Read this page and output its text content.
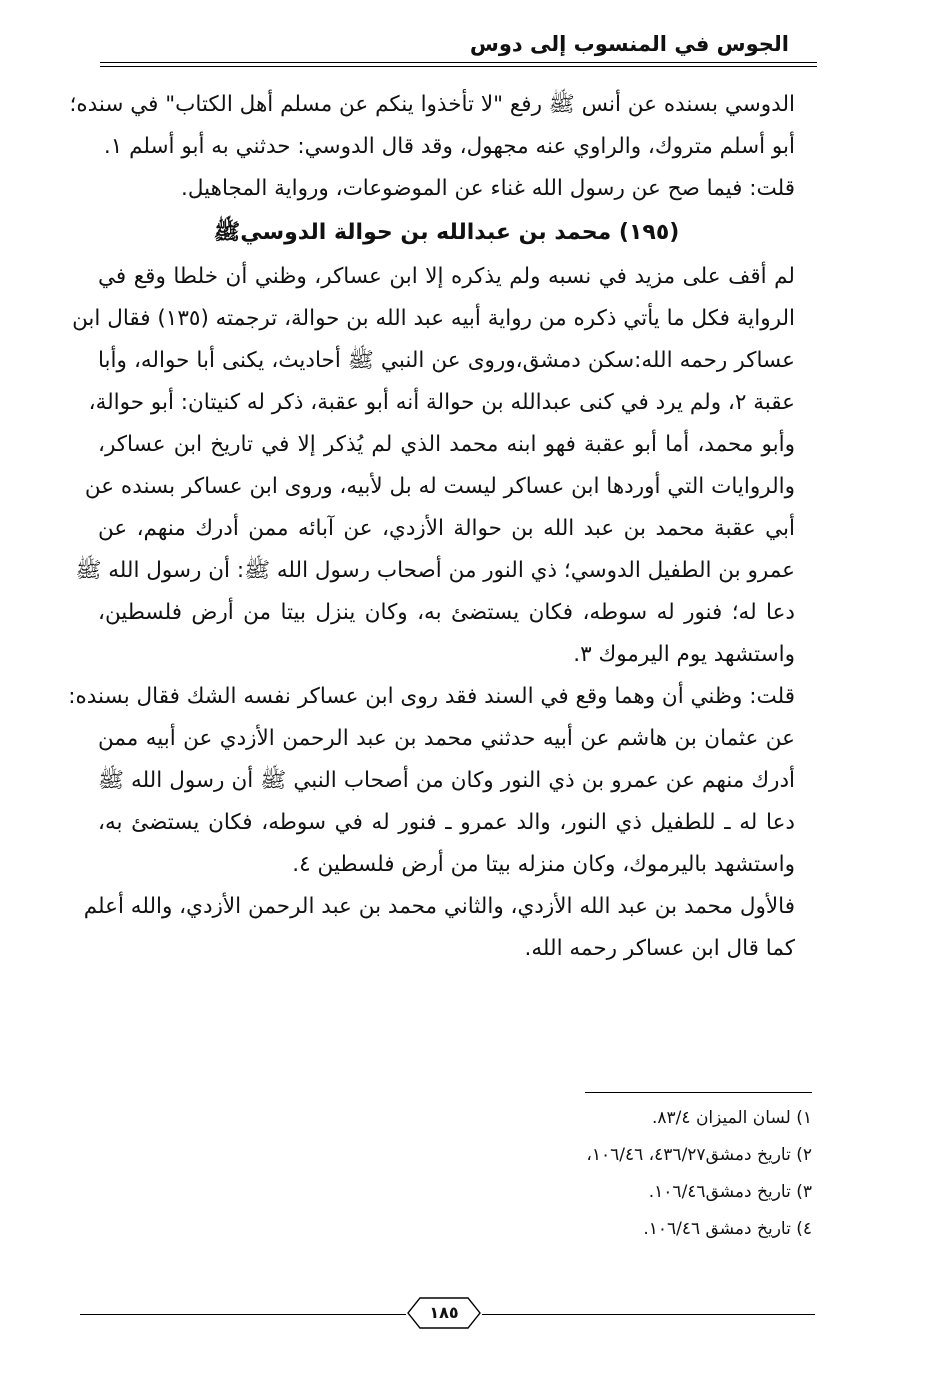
الجوس في المنسوب إلى دوس
الدوسي بسنده عن أنس ﷺ رفع "لا تأخذوا ينكم عن مسلم أهل الكتاب" في سنده؛
أبو أسلم متروك، والراوي عنه مجهول، وقد قال الدوسي: حدثني به أبو أسلم ١.
قلت: فيما صح عن رسول الله غناء عن الموضوعات، ورواية المجاهيل.
(١٩٥) محمد بن عبدالله بن حوالة الدوسيﷺ
لم أقف على مزيد في نسبه ولم يذكره إلا ابن عساكر، وظني أن خلطا وقع في
الرواية فكل ما يأتي ذكره من رواية أبيه عبد الله بن حوالة، ترجمته (١٣٥) فقال ابن
عساكر رحمه الله:سكن دمشق،وروى عن النبي ﷺ أحاديث، يكنى أبا حواله، وأبا
عقبة ٢، ولم يرد في كنى عبدالله بن حوالة أنه أبو عقبة، ذكر له كنيتان: أبو حوالة،
وأبو محمد، أما أبو عقبة فهو ابنه محمد الذي لم يُذكر إلا في تاريخ ابن عساكر،
والروايات التي أوردها ابن عساكر ليست له بل لأبيه، وروى ابن عساكر بسنده عن
أبي عقبة محمد بن عبد الله بن حوالة الأزدي، عن آبائه ممن أدرك منهم، عن
عمرو بن الطفيل الدوسي؛ ذي النور من أصحاب رسول الله ﷺ: أن رسول الله ﷺ
دعا له؛ فنور له سوطه، فكان يستضئ به، وكان ينزل بيتا من أرض فلسطين،
واستشهد يوم اليرموك ٣.
قلت: وظني أن وهما وقع في السند فقد روى ابن عساكر نفسه الشك فقال بسنده:
عن عثمان بن هاشم عن أبيه حدثني محمد بن عبد الرحمن الأزدي عن أبيه ممن
أدرك منهم عن عمرو بن ذي النور وكان من أصحاب النبي ﷺ أن رسول الله ﷺ
دعا له ـ للطفيل ذي النور، والد عمرو ـ فنور له في سوطه، فكان يستضئ به،
واستشهد باليرموك، وكان منزله بيتا من أرض فلسطين ٤.
فالأول محمد بن عبد الله الأزدي، والثاني محمد بن عبد الرحمن الأزدي، والله أعلم
كما قال ابن عساكر رحمه الله.
١) لسان الميزان ٨٣/٤.
٢) تاريخ دمشق٤٣٦/٢٧، ١٠٦/٤٦،
٣) تاريخ دمشق١٠٦/٤٦.
٤) تاريخ دمشق ١٠٦/٤٦.
١٨٥
